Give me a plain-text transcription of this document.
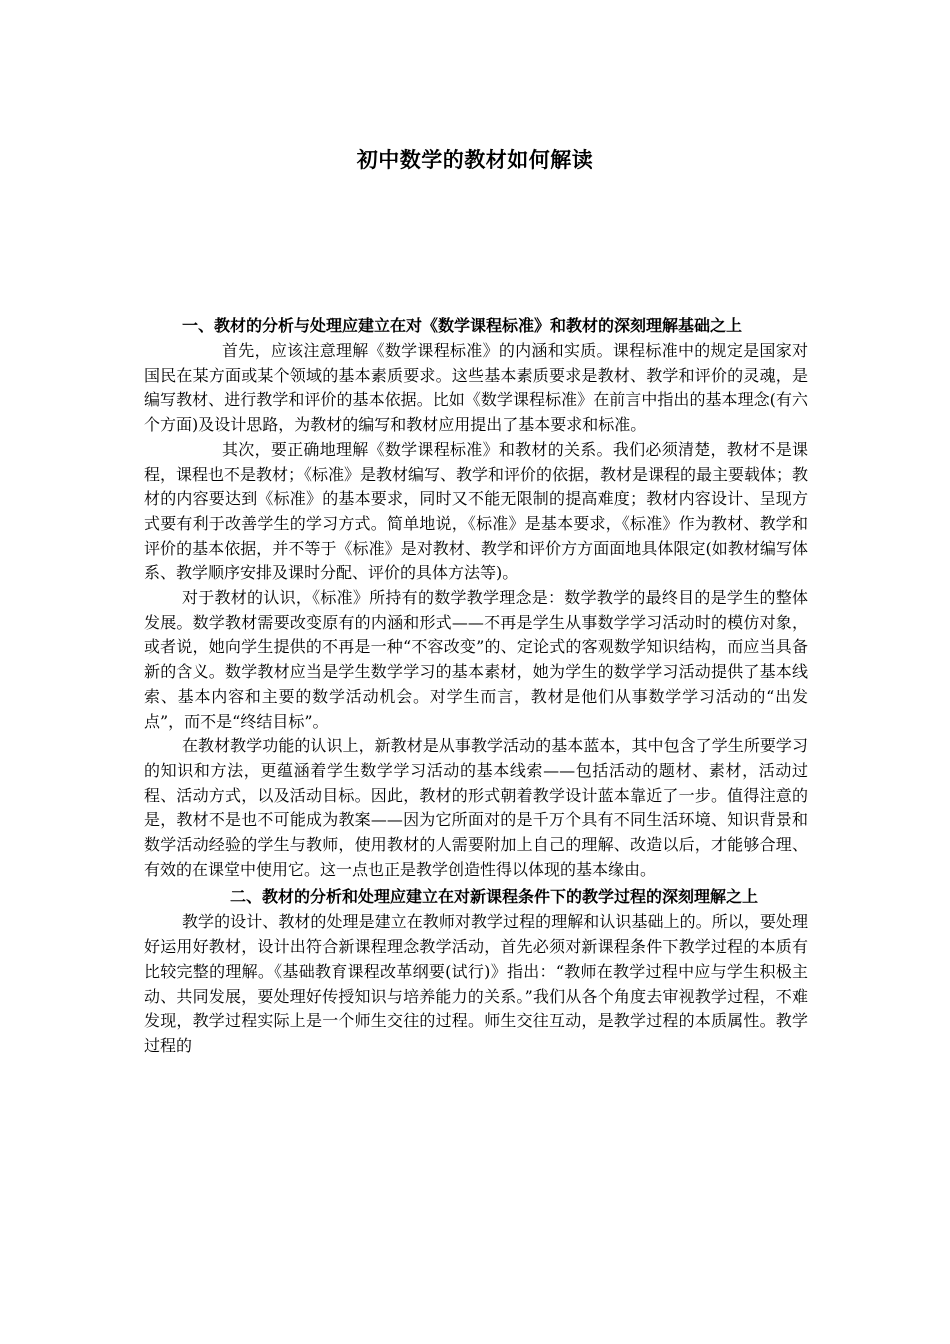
初中数学的教材如何解读

一、教材的分析与处理应建立在对《数学课程标准》和教材的深刻理解基础之上

首先，应该注意理解《数学课程标准》的内涵和实质。课程标准中的规定是国家对国民在某方面或某个领域的基本素质要求。这些基本素质要求是教材、教学和评价的灵魂，是编写教材、进行教学和评价的基本依据。比如《数学课程标准》在前言中指出的基本理念(有六个方面)及设计思路，为教材的编写和教材应用提出了基本要求和标准。

其次，要正确地理解《数学课程标准》和教材的关系。我们必须清楚，教材不是课程，课程也不是教材；《标准》是教材编写、教学和评价的依据，教材是课程的最主要载体；教材的内容要达到《标准》的基本要求，同时又不能无限制的提高难度；教材内容设计、呈现方式要有利于改善学生的学习方式。简单地说，《标准》是基本要求，《标准》作为教材、教学和评价的基本依据，并不等于《标准》是对教材、教学和评价方方面面地具体限定(如教材编写体系、教学顺序安排及课时分配、评价的具体方法等)。

对于教材的认识，《标准》所持有的数学教学理念是：数学教学的最终目的是学生的整体发展。数学教材需要改变原有的内涵和形式——不再是学生从事数学学习活动时的模仿对象，或者说，她向学生提供的不再是一种“不容改变”的、定论式的客观数学知识结构，而应当具备新的含义。数学教材应当是学生数学学习的基本素材，她为学生的数学学习活动提供了基本线索、基本内容和主要的数学活动机会。对学生而言，教材是他们从事数学学习活动的“出发点”，而不是“终结目标”。

在教材教学功能的认识上，新教材是从事教学活动的基本蓝本，其中包含了学生所要学习的知识和方法，更蕴涵着学生数学学习活动的基本线索——包括活动的题材、素材，活动过程、活动方式，以及活动目标。因此，教材的形式朝着教学设计蓝本靠近了一步。值得注意的是，教材不是也不可能成为教案——因为它所面对的是千万个具有不同生活环境、知识背景和数学活动经验的学生与教师，使用教材的人需要附加上自己的理解、改造以后，才能够合理、有效的在课堂中使用它。这一点也正是教学创造性得以体现的基本缘由。

二、教材的分析和处理应建立在对新课程条件下的教学过程的深刻理解之上

教学的设计、教材的处理是建立在教师对教学过程的理解和认识基础上的。所以，要处理好运用好教材，设计出符合新课程理念教学活动，首先必须对新课程条件下教学过程的本质有比较完整的理解。《基础教育课程改革纲要(试行)》指出：“教师在教学过程中应与学生积极主动、共同发展，要处理好传授知识与培养能力的关系。”我们从各个角度去审视教学过程，不难发现，教学过程实际上是一个师生交往的过程。师生交往互动，是教学过程的本质属性。教学过程的
